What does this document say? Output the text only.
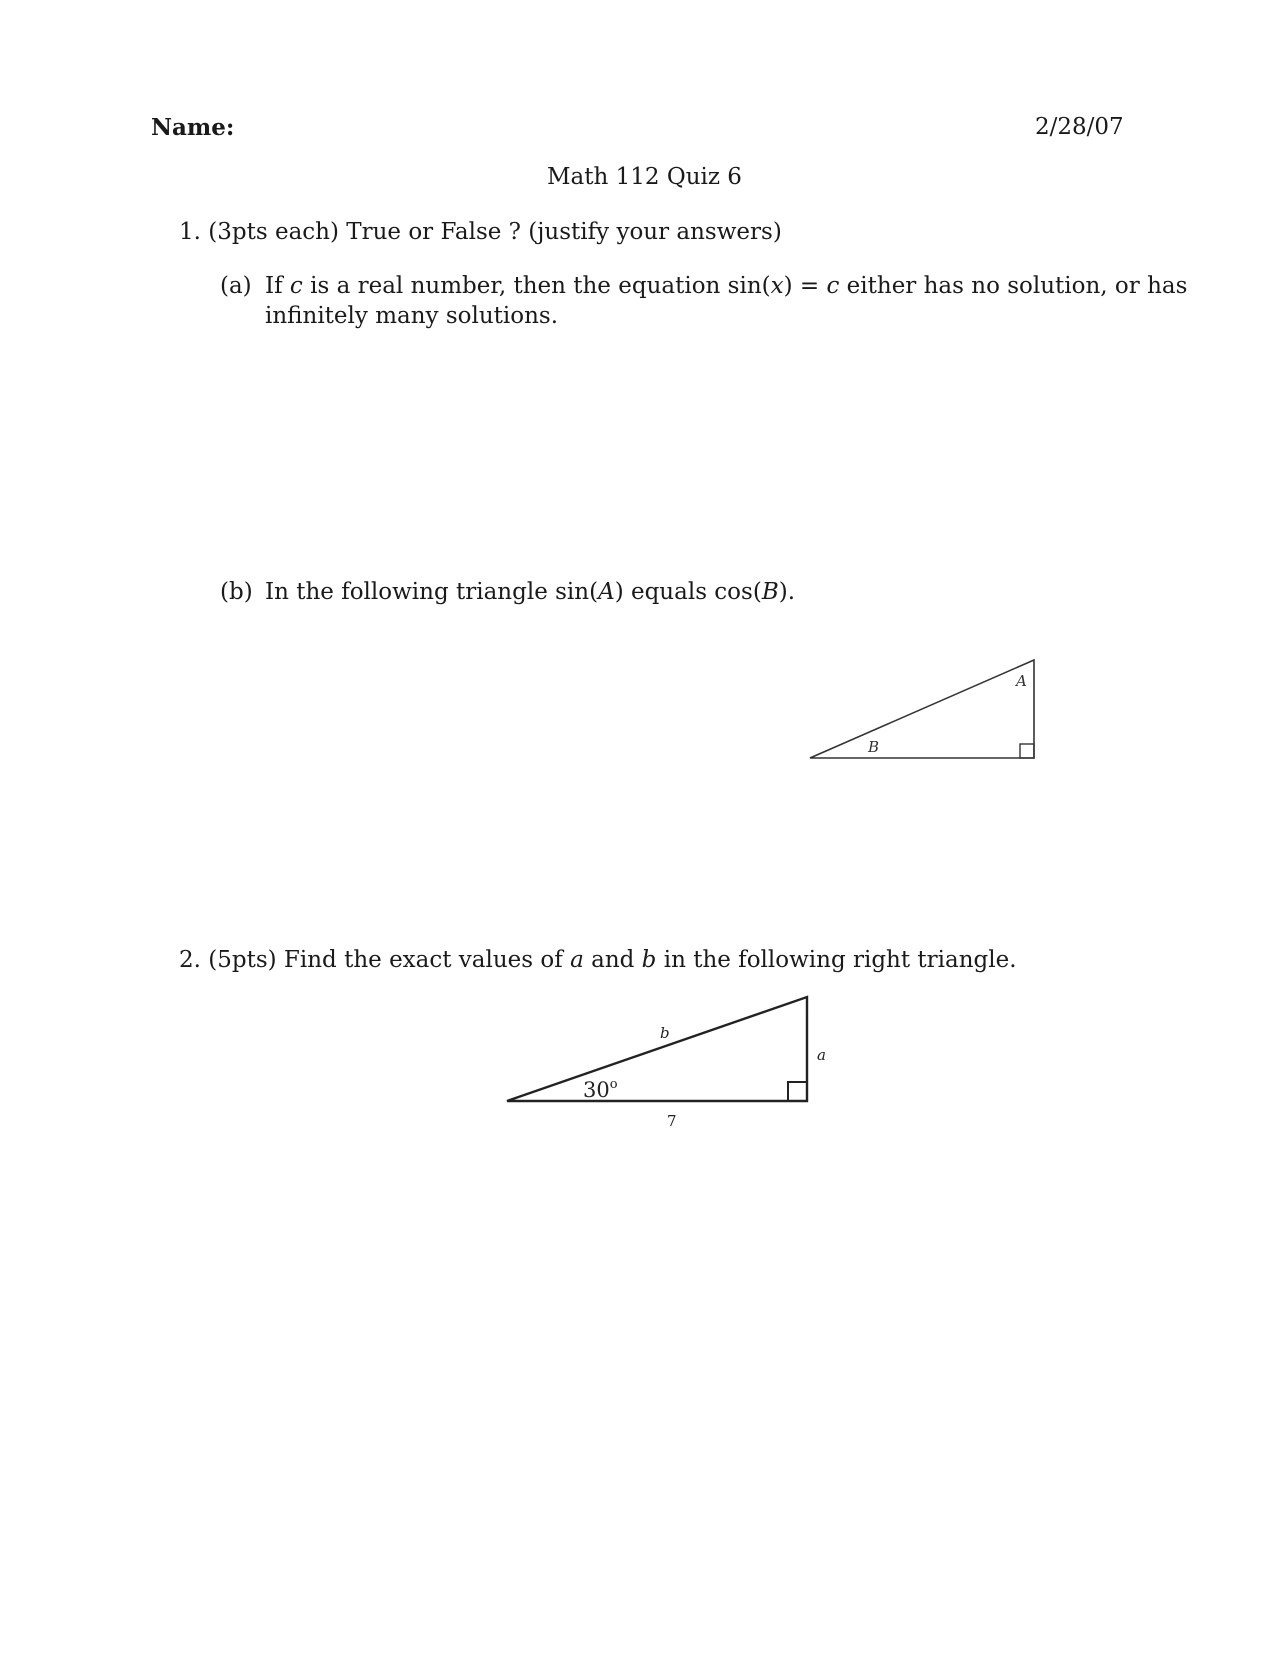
Name:	2/28/07
Math 112 Quiz 6
1. (3pts each) True or False ? (justify your answers)
(a) If c is a real number, then the equation sin(x) = c either has no solution, or has
infinitely many solutions.
(b) In the following triangle sin(A) equals cos(B).
A
B
2. (5pts) Find the exact values of a and b in the following right triangle.
30$^o$
b
a
7
